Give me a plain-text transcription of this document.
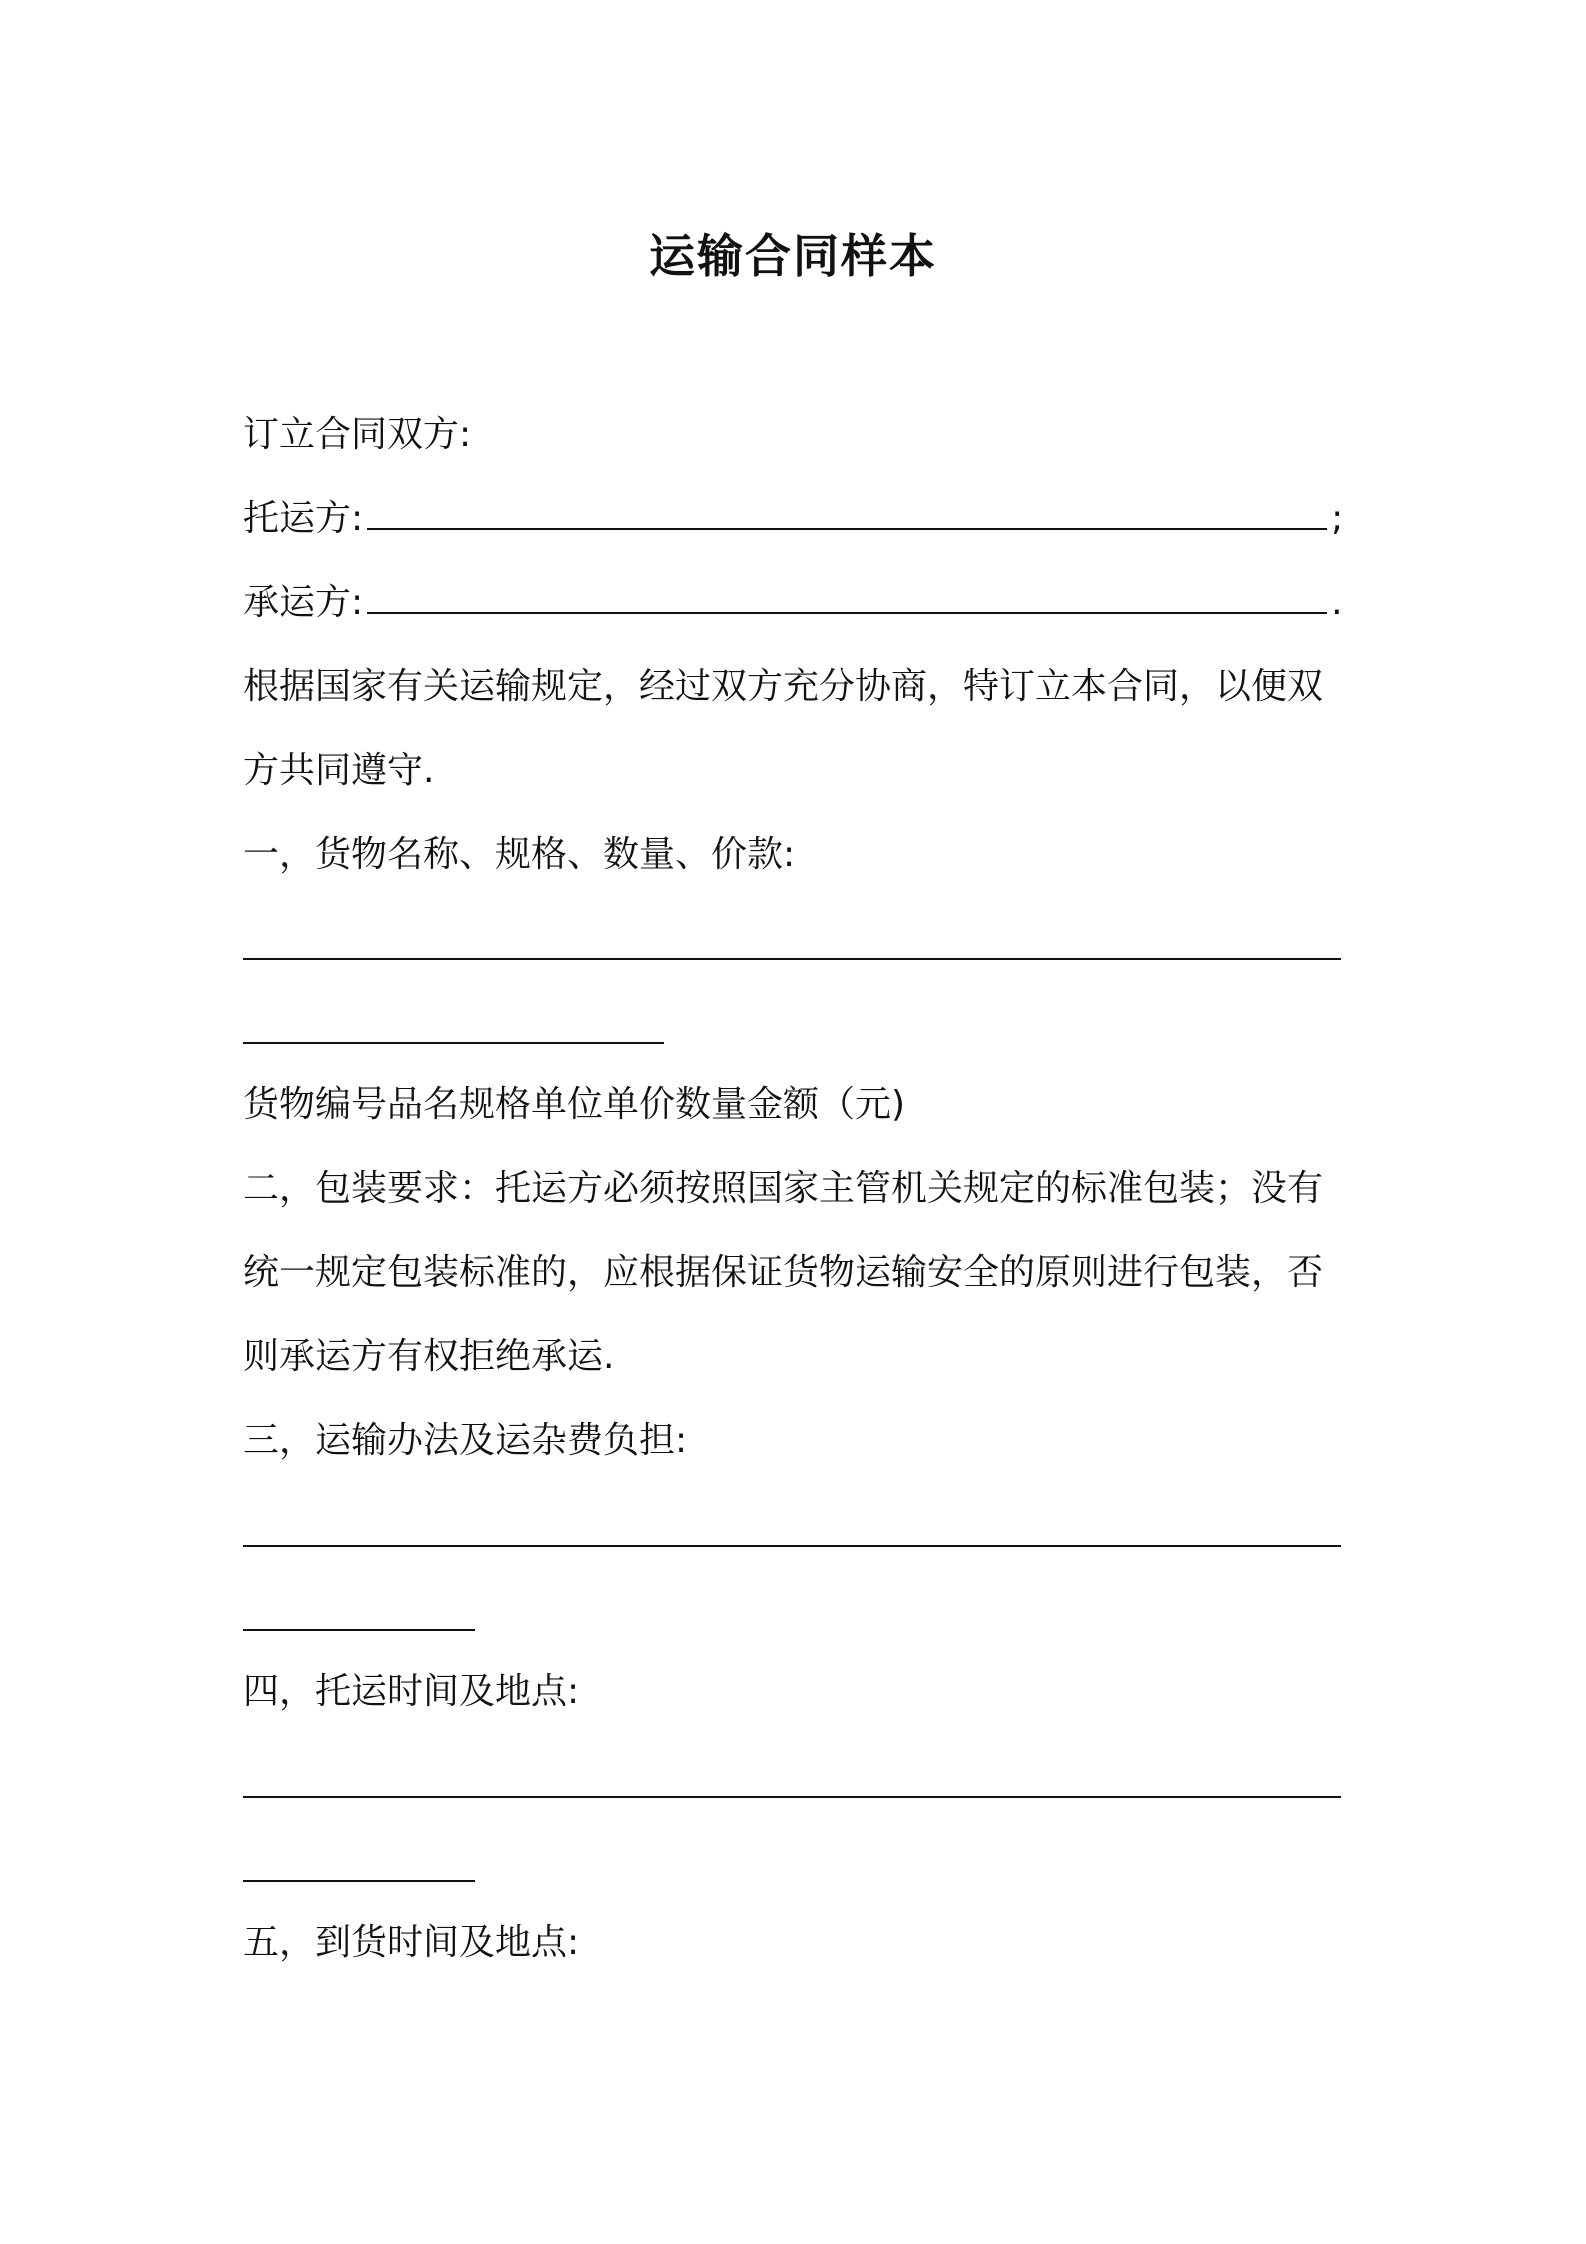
运输合同样本
订立合同双方:
托运方:	;
承运方:	.
根据国家有关运输规定，经过双方充分协商，特订立本合同，以便双
方共同遵守.
一，货物名称、规格、数量、价款:
货物编号品名规格单位单价数量金额（元)
二，包装要求：托运方必须按照国家主管机关规定的标准包装；没有
统一规定包装标准的，应根据保证货物运输安全的原则进行包装，否
则承运方有权拒绝承运.
三，运输办法及运杂费负担:
四，托运时间及地点:
五，到货时间及地点:
